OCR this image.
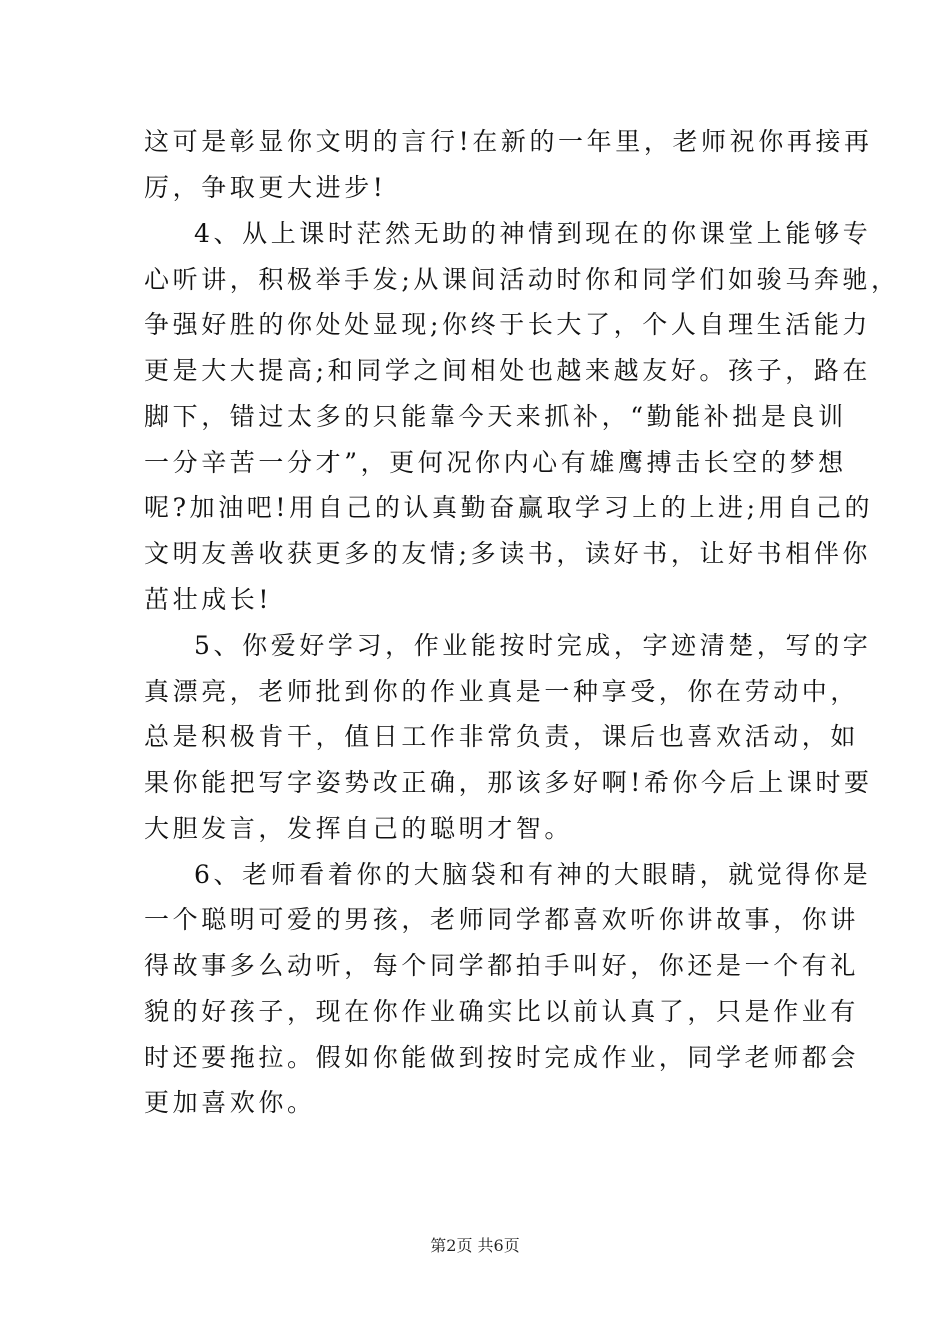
这可是彰显你文明的言行!在新的一年里，老师祝你再接再
厉，争取更大进步!
4、从上课时茫然无助的神情到现在的你课堂上能够专
心听讲，积极举手发;从课间活动时你和同学们如骏马奔驰，
争强好胜的你处处显现;你终于长大了，个人自理生活能力
更是大大提高;和同学之间相处也越来越友好。孩子，路在
脚下，错过太多的只能靠今天来抓补，“勤能补拙是良训
一分辛苦一分才”，更何况你内心有雄鹰搏击长空的梦想
呢?加油吧!用自己的认真勤奋赢取学习上的上进;用自己的
文明友善收获更多的友情;多读书，读好书，让好书相伴你
茁壮成长!
5、你爱好学习，作业能按时完成，字迹清楚，写的字
真漂亮，老师批到你的作业真是一种享受，你在劳动中，
总是积极肯干，值日工作非常负责，课后也喜欢活动，如
果你能把写字姿势改正确，那该多好啊!希你今后上课时要
大胆发言，发挥自己的聪明才智。
6、老师看着你的大脑袋和有神的大眼睛，就觉得你是
一个聪明可爱的男孩，老师同学都喜欢听你讲故事，你讲
得故事多么动听，每个同学都拍手叫好，你还是一个有礼
貌的好孩子，现在你作业确实比以前认真了，只是作业有
时还要拖拉。假如你能做到按时完成作业，同学老师都会
更加喜欢你。
第2页 共6页
